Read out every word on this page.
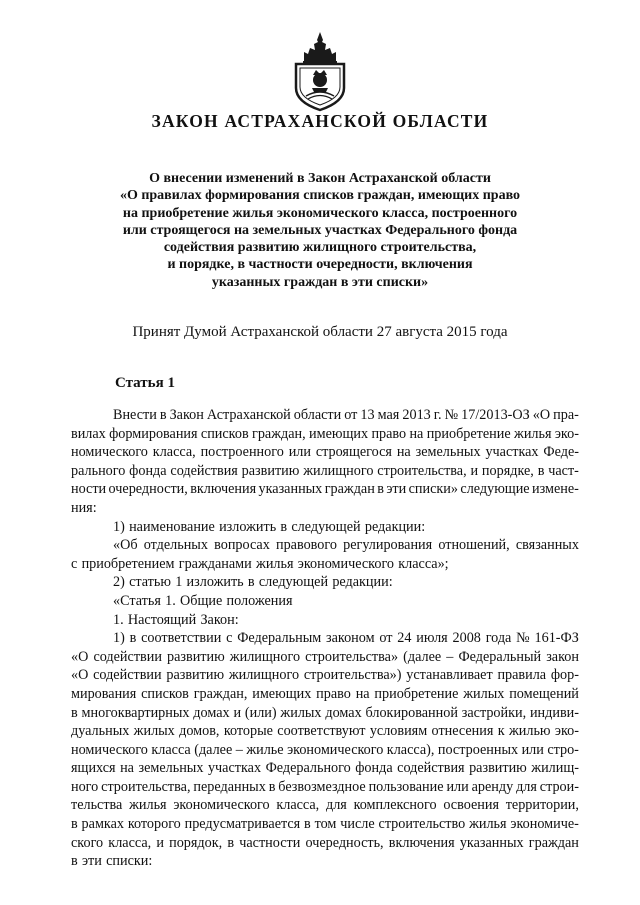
ЗАКОН АСТРАХАНСКОЙ ОБЛАСТИ
О внесении изменений в Закон Астраханской области
«О правилах формирования списков граждан, имеющих право
на приобретение жилья экономического класса, построенного
или строящегося на земельных участках Федерального фонда
содействия развитию жилищного строительства,
и порядке, в частности очередности, включения
указанных граждан в эти списки»
Принят Думой Астраханской области 27 августа 2015 года
Статья 1
Внести в Закон Астраханской области от 13 мая 2013 г. № 17/2013-ОЗ «О пра-
вилах формирования списков граждан, имеющих право на приобретение жилья эко-
номического класса, построенного или строящегося на земельных участках Феде-
рального фонда содействия развитию жилищного строительства, и порядке, в част-
ности очередности, включения указанных граждан в эти списки» следующие измене-
ния:
1) наименование изложить в следующей редакции:
«Об отдельных вопросах правового регулирования отношений, связанных
с приобретением гражданами жилья экономического класса»;
2) статью 1 изложить в следующей редакции:
«Статья 1. Общие положения
1. Настоящий Закон:
1) в соответствии с Федеральным законом от 24 июля 2008 года № 161-ФЗ
«О содействии развитию жилищного строительства» (далее – Федеральный закон
«О содействии развитию жилищного строительства») устанавливает правила фор-
мирования списков граждан, имеющих право на приобретение жилых помещений
в многоквартирных домах и (или) жилых домах блокированной застройки, индиви-
дуальных жилых домов, которые соответствуют условиям отнесения к жилью эко-
номического класса (далее – жилье экономического класса), построенных или стро-
ящихся на земельных участках Федерального фонда содействия развитию жилищ-
ного строительства, переданных в безвозмездное пользование или аренду для строи-
тельства жилья экономического класса, для комплексного освоения территории,
в рамках которого предусматривается в том числе строительство жилья экономиче-
ского класса, и порядок, в частности очередность, включения указанных граждан
в эти списки:
